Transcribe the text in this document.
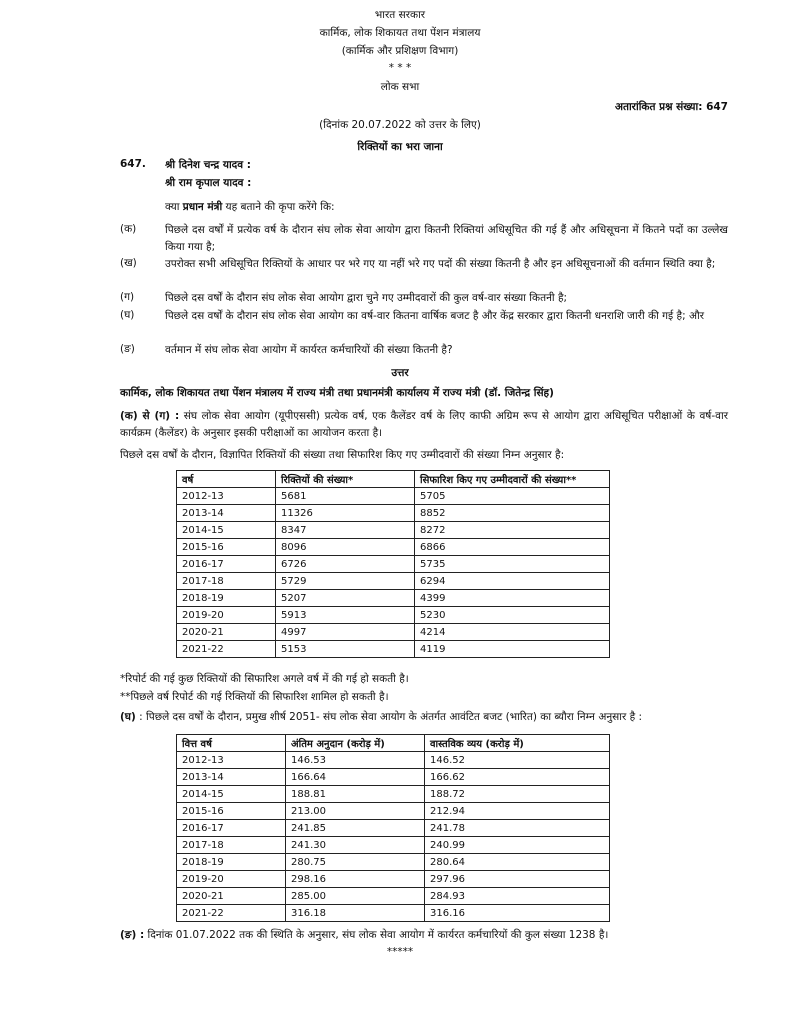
भारत सरकार
कार्मिक, लोक शिकायत तथा पेंशन मंत्रालय
(कार्मिक और प्रशिक्षण विभाग)
* * *
लोक सभा
अतारांकित प्रश्न संख्या: 647
(दिनांक 20.07.2022 को उत्तर के लिए)
रिक्तियों का भरा जाना
647. श्री दिनेश चन्द्र यादव :
श्री राम कृपाल यादव :
क्या प्रधान मंत्री यह बताने की कृपा करेंगे कि:
(क)	पिछले दस वर्षों में प्रत्येक वर्ष के दौरान संघ लोक सेवा आयोग द्वारा कितनी रिक्तियां अधिसूचित की गई हैं और अधिसूचना में कितने पदों का उल्लेख किया गया है;
(ख)	उपरोक्त सभी अधिसूचित रिक्तियों के आधार पर भरे गए या नहीं भरे गए पदों की संख्या कितनी है और इन अधिसूचनाओं की वर्तमान स्थिति क्या है;
(ग)	पिछले दस वर्षों के दौरान संघ लोक सेवा आयोग द्वारा चुने गए उम्मीदवारों की कुल वर्ष-वार संख्या कितनी है;
(घ)	पिछले दस वर्षों के दौरान संघ लोक सेवा आयोग का वर्ष-वार कितना वार्षिक बजट है और केंद्र सरकार द्वारा कितनी धनराशि जारी की गई है; और
(ङ)	वर्तमान में संघ लोक सेवा आयोग में कार्यरत कर्मचारियों की संख्या कितनी है?
उत्तर
कार्मिक, लोक शिकायत तथा पेंशन मंत्रालय में राज्य मंत्री तथा प्रधानमंत्री कार्यालय में राज्य मंत्री (डॉ. जितेन्द्र सिंह)
(क) से (ग) : संघ लोक सेवा आयोग (यूपीएससी) प्रत्येक वर्ष, एक कैलेंडर वर्ष के लिए काफी अग्रिम रूप से आयोग द्वारा अधिसूचित परीक्षाओं के वर्ष-वार कार्यक्रम (कैलेंडर) के अनुसार इसकी परीक्षाओं का आयोजन करता है।
पिछले दस वर्षों के दौरान, विज्ञापित रिक्तियों की संख्या तथा सिफारिश किए गए उम्मीदवारों की संख्या निम्न अनुसार है:
वर्ष	रिक्तियों की संख्या*	सिफारिश किए गए उम्मीदवारों की संख्या**
2012-13	5681	5705
2013-14	11326	8852
2014-15	8347	8272
2015-16	8096	6866
2016-17	6726	5735
2017-18	5729	6294
2018-19	5207	4399
2019-20	5913	5230
2020-21	4997	4214
2021-22	5153	4119
*रिपोर्ट की गई कुछ रिक्तियों की सिफारिश अगले वर्ष में की गई हो सकती है।
**पिछले वर्ष रिपोर्ट की गई रिक्तियों की सिफारिश शामिल हो सकती है।
(घ) : पिछले दस वर्षों के दौरान, प्रमुख शीर्ष 2051- संघ लोक सेवा आयोग के अंतर्गत आवंटित बजट (भारित) का ब्यौरा निम्न अनुसार है :
वित्त वर्ष	अंतिम अनुदान (करोड़ में)	वास्तविक व्यय (करोड़ में)
2012-13	146.53	146.52
2013-14	166.64	166.62
2014-15	188.81	188.72
2015-16	213.00	212.94
2016-17	241.85	241.78
2017-18	241.30	240.99
2018-19	280.75	280.64
2019-20	298.16	297.96
2020-21	285.00	284.93
2021-22	316.18	316.16
(ङ) : दिनांक 01.07.2022 तक की स्थिति के अनुसार, संघ लोक सेवा आयोग में कार्यरत कर्मचारियों की कुल संख्या 1238 है।
*****
